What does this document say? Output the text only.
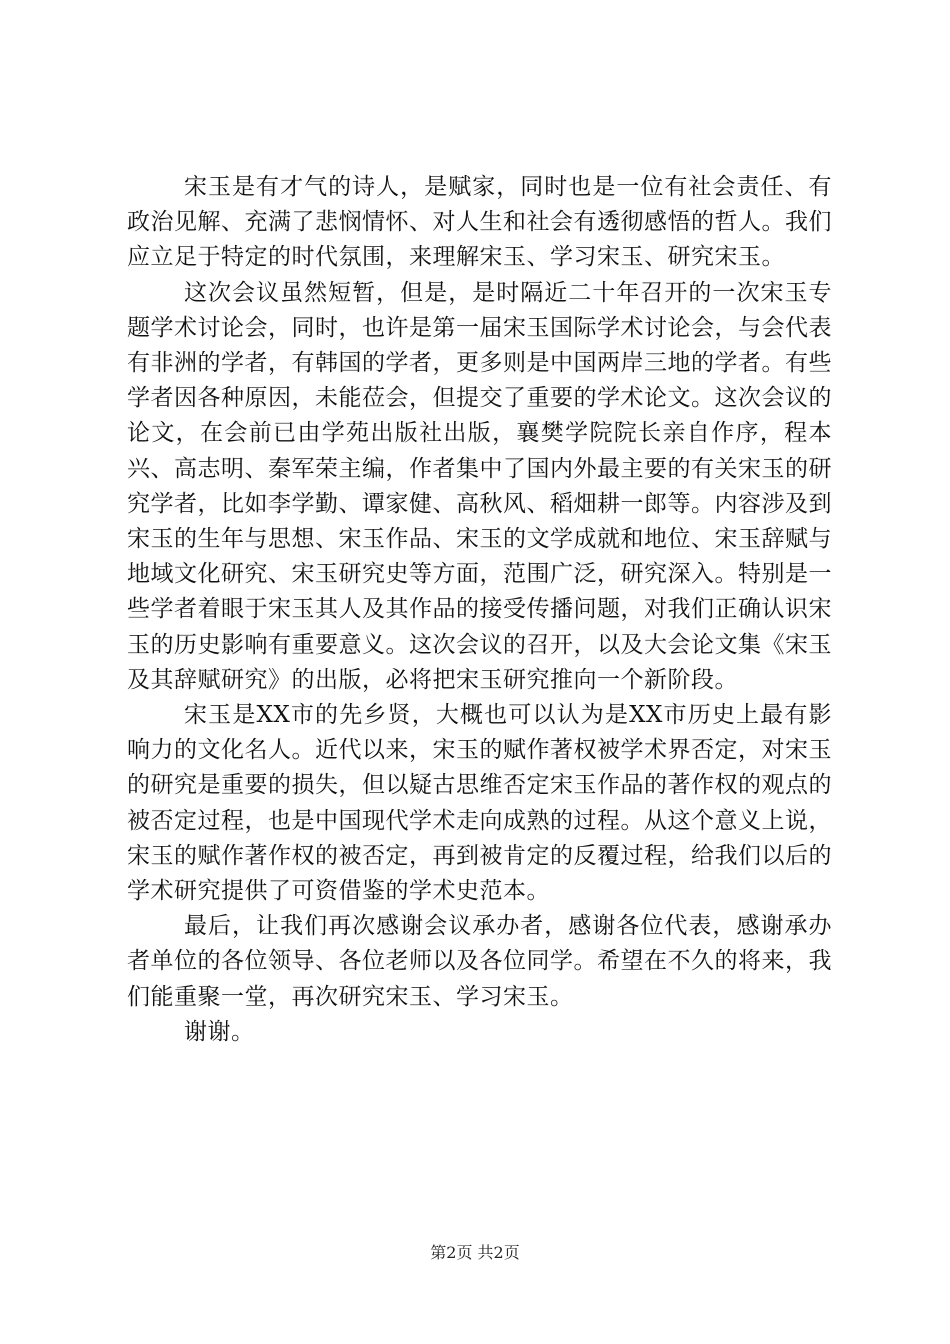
宋玉是有才气的诗人，是赋家，同时也是一位有社会责任、有政治见解、充满了悲悯情怀、对人生和社会有透彻感悟的哲人。我们应立足于特定的时代氛围，来理解宋玉、学习宋玉、研究宋玉。

这次会议虽然短暂，但是，是时隔近二十年召开的一次宋玉专题学术讨论会，同时，也许是第一届宋玉国际学术讨论会，与会代表有非洲的学者，有韩国的学者，更多则是中国两岸三地的学者。有些学者因各种原因，未能莅会，但提交了重要的学术论文。这次会议的论文，在会前已由学苑出版社出版，襄樊学院院长亲自作序，程本兴、高志明、秦军荣主编，作者集中了国内外最主要的有关宋玉的研究学者，比如李学勤、谭家健、高秋风、稻畑耕一郎等。内容涉及到宋玉的生年与思想、宋玉作品、宋玉的文学成就和地位、宋玉辞赋与地域文化研究、宋玉研究史等方面，范围广泛，研究深入。特别是一些学者着眼于宋玉其人及其作品的接受传播问题，对我们正确认识宋玉的历史影响有重要意义。这次会议的召开，以及大会论文集《宋玉及其辞赋研究》的出版，必将把宋玉研究推向一个新阶段。

宋玉是XX市的先乡贤，大概也可以认为是XX市历史上最有影响力的文化名人。近代以来，宋玉的赋作著权被学术界否定，对宋玉的研究是重要的损失，但以疑古思维否定宋玉作品的著作权的观点的被否定过程，也是中国现代学术走向成熟的过程。从这个意义上说，宋玉的赋作著作权的被否定，再到被肯定的反覆过程，给我们以后的学术研究提供了可资借鉴的学术史范本。

最后，让我们再次感谢会议承办者，感谢各位代表，感谢承办者单位的各位领导、各位老师以及各位同学。希望在不久的将来，我们能重聚一堂，再次研究宋玉、学习宋玉。

谢谢。

第2页 共2页
